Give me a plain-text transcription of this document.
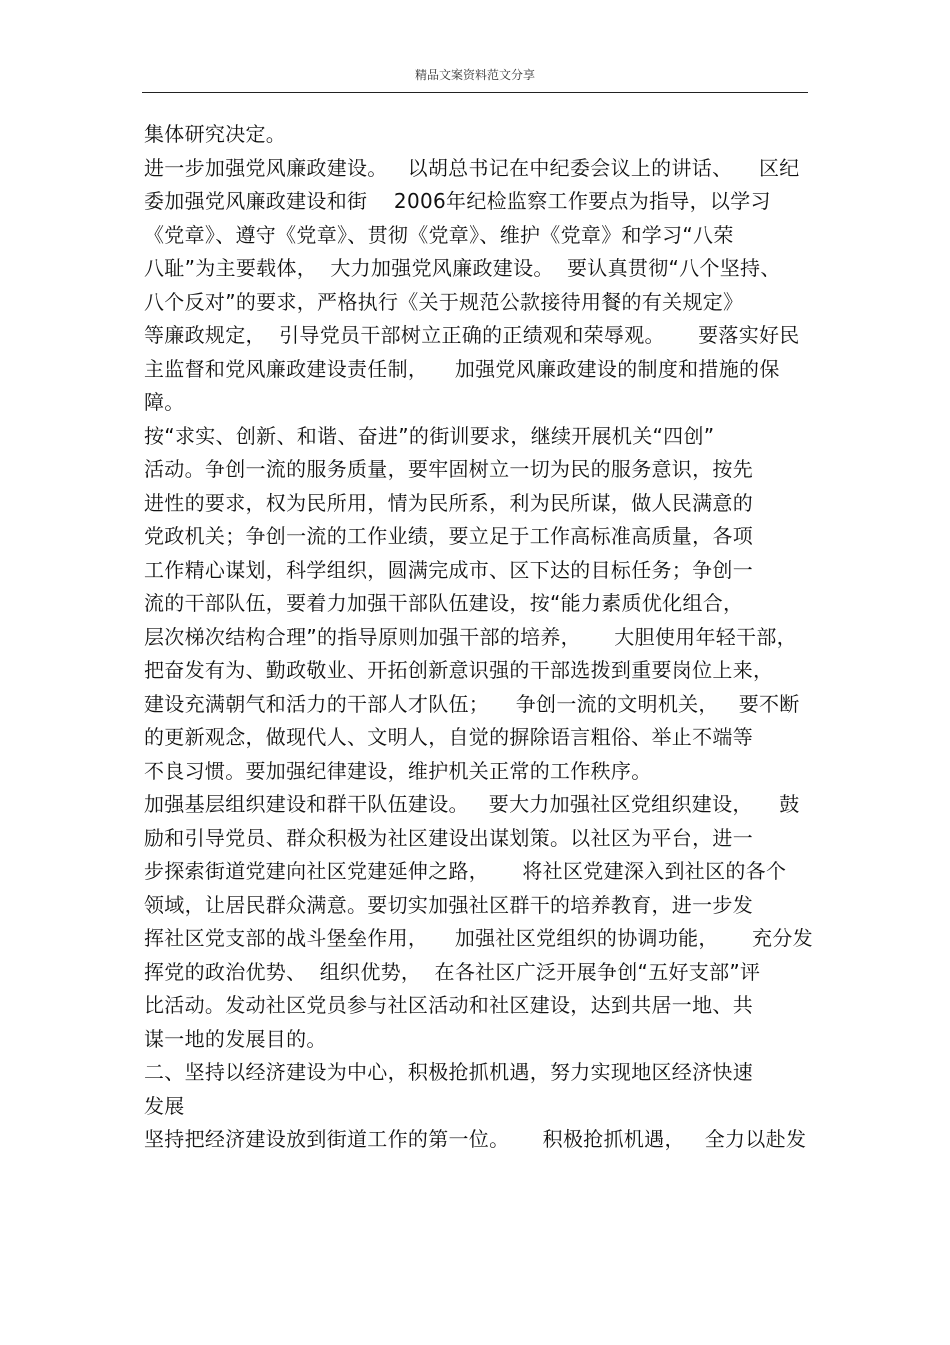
精品文案资料范文分享
集体研究决定。
进一步加强党风廉政建设。   以胡总书记在中纪委会议上的讲话、    区纪
委加强党风廉政建设和街    2006年纪检监察工作要点为指导，以学习
《党章》、遵守《党章》、贯彻《党章》、维护《党章》和学习“八荣
八耻”为主要载体，  大力加强党风廉政建设。  要认真贯彻“八个坚持、
八个反对”的要求，严格执行《关于规范公款接待用餐的有关规定》
等廉政规定，  引导党员干部树立正确的正绩观和荣辱观。     要落实好民
主监督和党风廉政建设责任制，    加强党风廉政建设的制度和措施的保
障。
按“求实、创新、和谐、奋进”的街训要求，继续开展机关“四创”
活动。争创一流的服务质量，要牢固树立一切为民的服务意识，按先
进性的要求，权为民所用，情为民所系，利为民所谋，做人民满意的
党政机关；争创一流的工作业绩，要立足于工作高标准高质量，各项
工作精心谋划，科学组织，圆满完成市、区下达的目标任务；争创一
流的干部队伍，要着力加强干部队伍建设，按“能力素质优化组合，
层次梯次结构合理”的指导原则加强干部的培养，     大胆使用年轻干部，
把奋发有为、勤政敬业、开拓创新意识强的干部选拨到重要岗位上来，
建设充满朝气和活力的干部人才队伍；    争创一流的文明机关，   要不断
的更新观念，做现代人、文明人，自觉的摒除语言粗俗、举止不端等
不良习惯。要加强纪律建设，维护机关正常的工作秩序。
加强基层组织建设和群干队伍建设。   要大力加强社区党组织建设，    鼓
励和引导党员、群众积极为社区建设出谋划策。以社区为平台，进一
步探索街道党建向社区党建延伸之路，     将社区党建深入到社区的各个
领域，让居民群众满意。要切实加强社区群干的培养教育，进一步发
挥社区党支部的战斗堡垒作用，    加强社区党组织的协调功能，     充分发
挥党的政治优势、  组织优势，  在各社区广泛开展争创“五好支部”评
比活动。发动社区党员参与社区活动和社区建设，达到共居一地、共
谋一地的发展目的。
二、坚持以经济建设为中心，积极抢抓机遇，努力实现地区经济快速
发展
坚持把经济建设放到街道工作的第一位。     积极抢抓机遇，   全力以赴发
